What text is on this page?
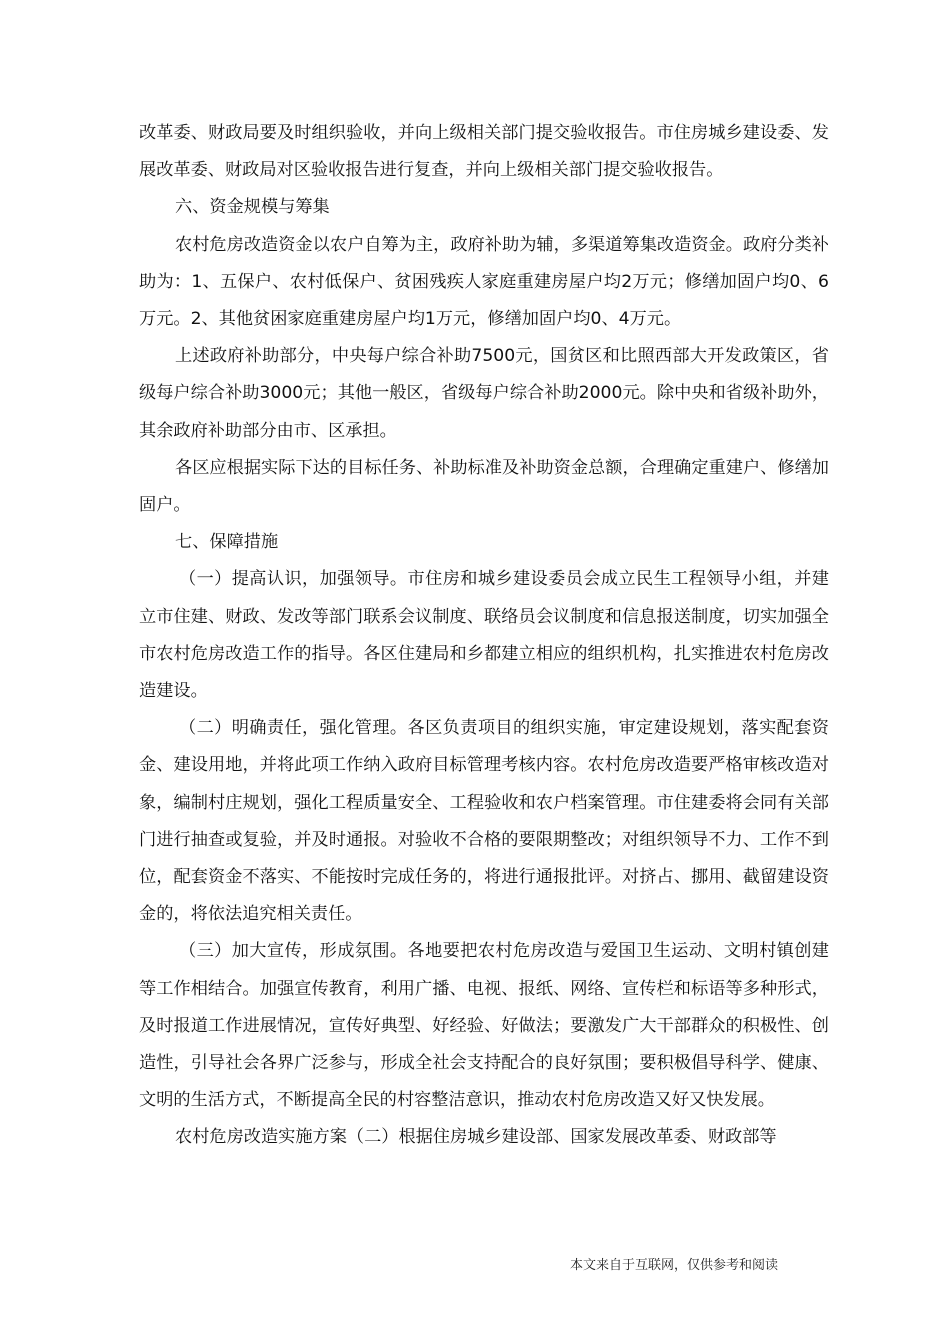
改革委、财政局要及时组织验收，并向上级相关部门提交验收报告。市住房城乡建设委、发展改革委、财政局对区验收报告进行复查，并向上级相关部门提交验收报告。

六、资金规模与筹集

农村危房改造资金以农户自筹为主，政府补助为辅，多渠道筹集改造资金。政府分类补助为：1、五保户、农村低保户、贫困残疾人家庭重建房屋户均2万元；修缮加固户均0、6万元。2、其他贫困家庭重建房屋户均1万元，修缮加固户均0、4万元。

上述政府补助部分，中央每户综合补助7500元，国贫区和比照西部大开发政策区，省级每户综合补助3000元；其他一般区，省级每户综合补助2000元。除中央和省级补助外，其余政府补助部分由市、区承担。

各区应根据实际下达的目标任务、补助标准及补助资金总额，合理确定重建户、修缮加固户。

七、保障措施

（一）提高认识，加强领导。市住房和城乡建设委员会成立民生工程领导小组，并建立市住建、财政、发改等部门联系会议制度、联络员会议制度和信息报送制度，切实加强全市农村危房改造工作的指导。各区住建局和乡都建立相应的组织机构，扎实推进农村危房改造建设。

（二）明确责任，强化管理。各区负责项目的组织实施，审定建设规划，落实配套资金、建设用地，并将此项工作纳入政府目标管理考核内容。农村危房改造要严格审核改造对象，编制村庄规划，强化工程质量安全、工程验收和农户档案管理。市住建委将会同有关部门进行抽查或复验，并及时通报。对验收不合格的要限期整改；对组织领导不力、工作不到位，配套资金不落实、不能按时完成任务的，将进行通报批评。对挤占、挪用、截留建设资金的，将依法追究相关责任。

（三）加大宣传，形成氛围。各地要把农村危房改造与爱国卫生运动、文明村镇创建等工作相结合。加强宣传教育，利用广播、电视、报纸、网络、宣传栏和标语等多种形式，及时报道工作进展情况，宣传好典型、好经验、好做法；要激发广大干部群众的积极性、创造性，引导社会各界广泛参与，形成全社会支持配合的良好氛围；要积极倡导科学、健康、文明的生活方式，不断提高全民的村容整洁意识，推动农村危房改造又好又快发展。

农村危房改造实施方案（二）根据住房城乡建设部、国家发展改革委、财政部等

本文来自于互联网，仅供参考和阅读
